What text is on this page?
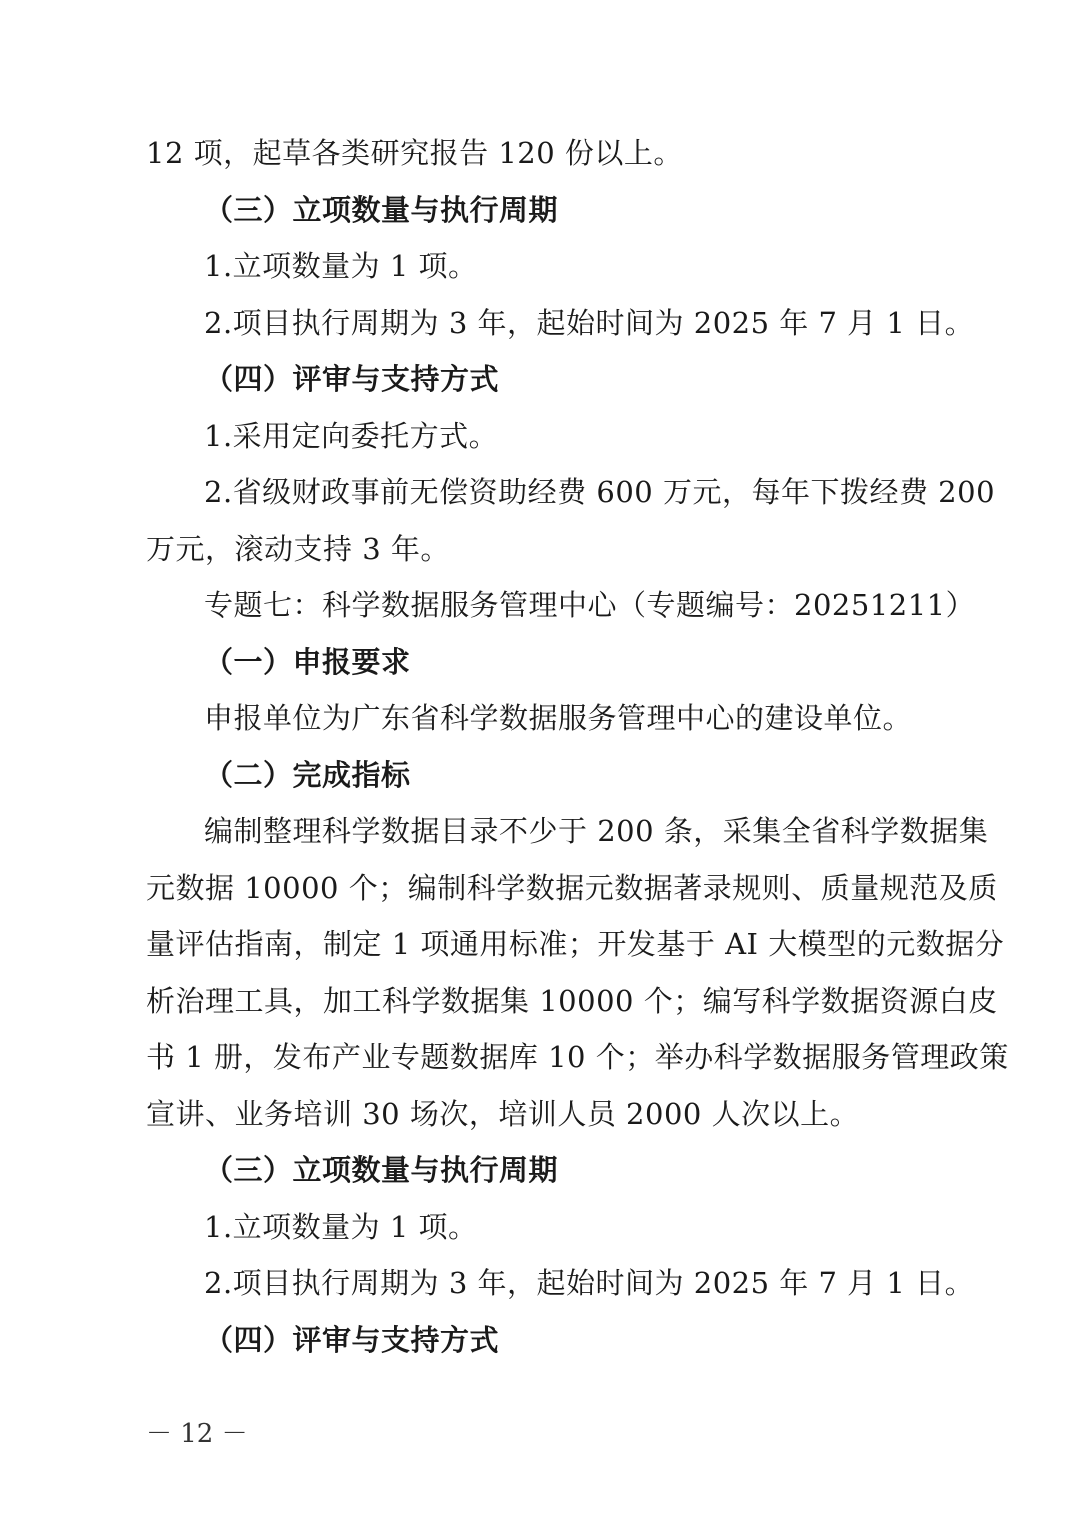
12 项，起草各类研究报告 120 份以上。
（三）立项数量与执行周期
1.立项数量为 1 项。
2.项目执行周期为 3 年，起始时间为 2025 年 7 月 1 日。
（四）评审与支持方式
1.采用定向委托方式。
2.省级财政事前无偿资助经费 600 万元，每年下拨经费 200
万元，滚动支持 3 年。
专题七：科学数据服务管理中心（专题编号：20251211）
（一）申报要求
申报单位为广东省科学数据服务管理中心的建设单位。
（二）完成指标
编制整理科学数据目录不少于 200 条，采集全省科学数据集
元数据 10000 个；编制科学数据元数据著录规则、质量规范及质
量评估指南，制定 1 项通用标准；开发基于 AI 大模型的元数据分
析治理工具，加工科学数据集 10000 个；编写科学数据资源白皮
书 1 册，发布产业专题数据库 10 个；举办科学数据服务管理政策
宣讲、业务培训 30 场次，培训人员 2000 人次以上。
（三）立项数量与执行周期
1.立项数量为 1 项。
2.项目执行周期为 3 年，起始时间为 2025 年 7 月 1 日。
（四）评审与支持方式
－ 12 －
